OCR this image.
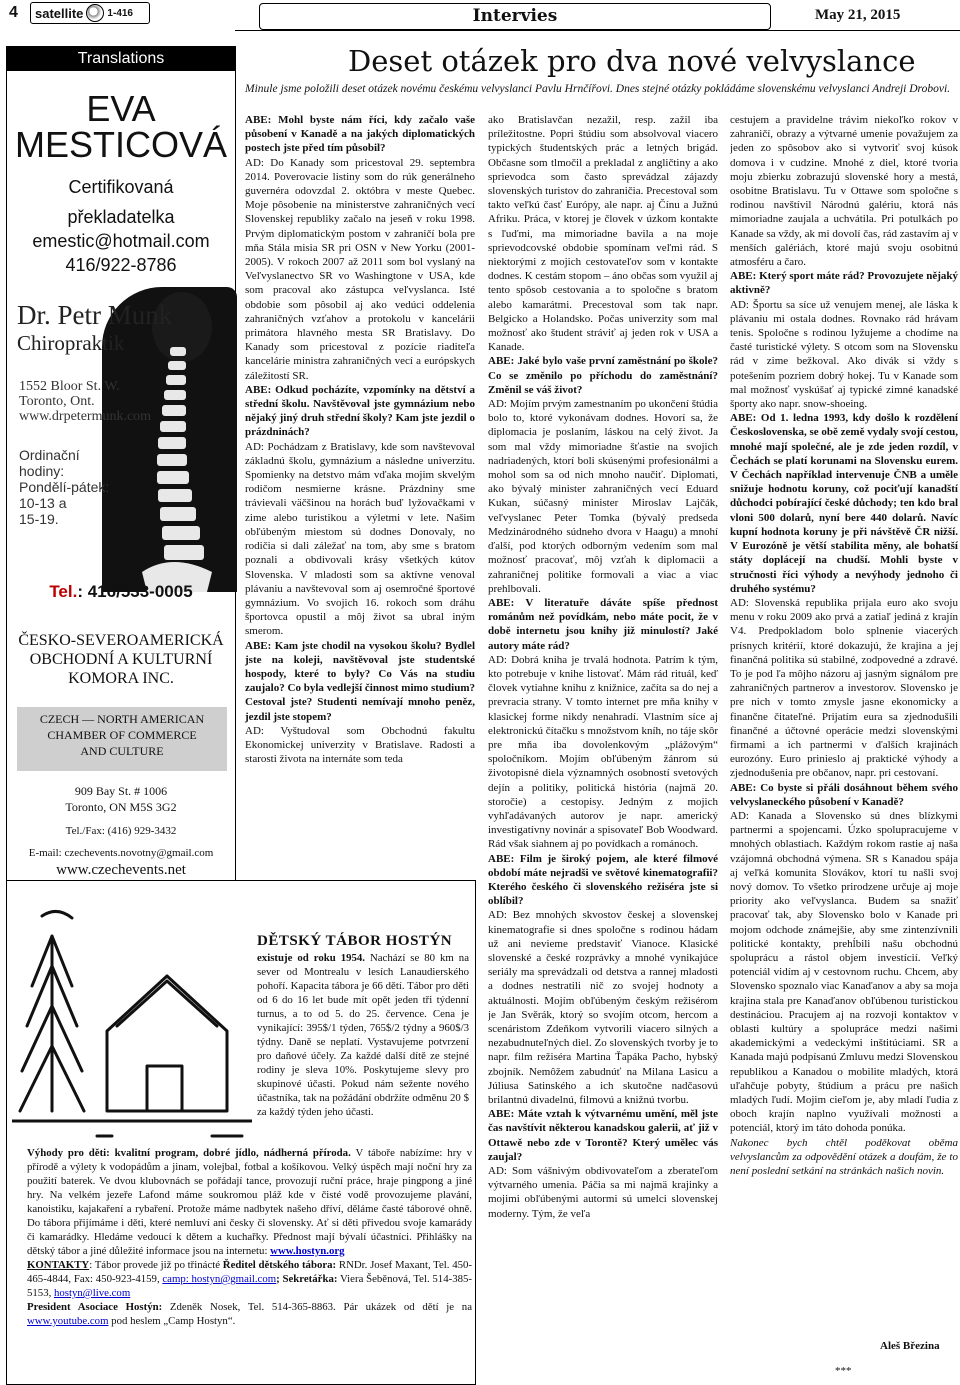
4 satellite 1-416	Intervies	May 21, 2015
Translations
EVA
MESTICOVÁ
Certifikovaná
překladatelka
emestic@hotmail.com
416/922-8786
Dr. Petr Munk
Chiropraktik
1552 Bloor St. W.
Toronto, Ont.
www.drpetermunk.com
Ordinační
hodiny:
Pondělí-pátek:
10-13 a
15-19.
Tel.: 416/533-0005
ČESKO-SEVEROAMERICKÁ
OBCHODNÍ A KULTURNÍ
KOMORA INC.
CZECH — NORTH AMERICAN
CHAMBER OF COMMERCE
AND CULTURE
909 Bay St. # 1006
Toronto, ON M5S 3G2
Tel./Fax: (416) 929-3432
E-mail: czechevents.novotny@gmail.com
www.czechevents.net
Deset otázek pro dva nové velvyslance
Minule jsme položili deset otázek novému českému velvyslanci Pavlu Hrnčířovi. Dnes stejné otázky pokládáme slovenskému velvyslanci Andreji Drobovi.

ABE: Mohl byste nám říci, kdy začalo vaše působení v Kanadě a na jakých diplomatických postech jste před tím působil?

AD: Do Kanady som pricestoval 29. septembra 2014. Poverovacie listiny som do rúk generálneho guvernéra odovzdal 2. októbra v meste Quebec. Moje pôsobenie na ministerstve zahraničných vecí Slovenskej republiky začalo na jeseň v roku 1998. Prvým diplomatickým postom v zahraničí bola pre mňa Stála misia SR pri OSN v New Yorku (2001-2005). V rokoch 2007 až 2011 som bol vyslaný na Veľvyslanectvo SR vo Washingtone v USA, kde som pracoval ako zástupca veľvyslanca. Isté obdobie som pôsobil aj ako vedúci oddelenia zahraničných vzťahov a protokolu v kancelárii primátora hlavného mesta SR Bratislavy. Do Kanady som pricestoval z pozície riaditeľa kancelárie ministra zahraničných vecí a európskych záležitostí SR.

ABE: Odkud pocházíte, vzpomínky na dětství a střední školu. Navštěvoval jste gymnázium nebo nějaký jiný druh střední školy? Kam jste jezdil o prázdninách?

AD: Pochádzam z Bratislavy, kde som navštevoval základnú školu, gymnázium a následne univerzitu. Spomienky na detstvo mám vďaka mojim skvelým rodičom nesmierne krásne. Prázdniny sme trávievali väčšinou na horách buď lyžovačkami v zime alebo turistikou a výletmi v lete. Našim obľúbeným miestom sú dodnes Donovaly, no rodičia si dali záležať na tom, aby sme s bratom poznali a obdivovali krásy všetkých kútov Slovenska. V mladosti som sa aktívne venoval plávaniu a navštevoval som aj osemročné športové gymnázium. Vo svojich 16. rokoch som dráhu športovca opustil a môj život sa ubral iným smerom.

ABE: Kam jste chodil na vysokou školu? Bydlel jste na koleji, navštěvoval jste studentské hospody, které to byly? Co Vás na studiu zaujalo? Co byla vedlejší činnost mimo studium? Cestoval jste? Studenti nemívají mnoho peněz, jezdil jste stopem?

AD: Vyštudoval som Obchodnú fakultu Ekonomickej univerzity v Bratislave. Radosti a starosti života na internáte som teda

ako Bratislavčan nezažil, resp. zažil iba príležitostne. Popri štúdiu som absolvoval viacero typických študentských prác a letných brigád. Občasne som tlmočil a prekladal z angličtiny a ako sprievodca som často sprevádzal zájazdy slovenských turistov do zahraničia. Precestoval som takto veľkú časť Európy, ale napr. aj Čínu a Južnú Afriku. Práca, v ktorej je človek v úzkom kontakte s ľuďmi, ma mimoriadne bavila a na moje sprievodcovské obdobie spomínam veľmi rád. S niektorými z mojich cestovateľov som v kontakte dodnes. K cestám stopom – áno občas som využil aj tento spôsob cestovania a to spoločne s bratom alebo kamarátmi. Precestoval som tak napr. Belgicko a Holandsko. Počas univerzity som mal možnosť ako študent stráviť aj jeden rok v USA a Kanade.

ABE: Jaké bylo vaše první zaměstnání po škole? Co se změnilo po příchodu do zaměstnání? Změnil se váš život?

AD: Mojím prvým zamestnaním po ukončení štúdia bolo to, ktoré vykonávam dodnes. Hovorí sa, že diplomacia je poslaním, láskou na celý život. Ja som mal vždy mimoriadne šťastie na svojich nadriadených, ktorí boli skúsenými profesionálmi a mohol som sa od nich mnoho naučiť. Diplomati, ako bývalý minister zahraničných vecí Eduard Kukan, súčasný minister Miroslav Lajčák, veľvyslanec Peter Tomka (bývalý predseda Medzinárodného súdneho dvora v Haagu) a mnohí ďalší, pod ktorých odborným vedením som mal možnosť pracovať, môj vzťah k diplomacii a zahraničnej politike formovali a viac a viac prehlbovali.

ABE: V literatuře dáváte spíše přednost románům než povídkám, nebo máte pocit, že v době internetu jsou knihy již minulostí? Jaké autory máte rád?

AD: Dobrá kniha je trvalá hodnota. Patrím k tým, kto potrebuje v knihe listovať. Mám rád rituál, keď človek vytiahne knihu z knižnice, začíta sa do nej a prevracia strany. V tomto internet pre mňa knihy v klasickej forme nikdy nenahradí. Vlastním síce aj elektronickú čítačku s množstvom kníh, no táje skôr pre mňa iba dovolenkovým „plážovým“ spoločníkom. Mojím obľúbeným žánrom sú životopisné diela významných osobností svetových dejín a politiky, politická história (najmä 20. storočie) a cestopisy. Jedným z mojich vyhľadávaných autorov je napr. americký investigatívny novinár a spisovateľ Bob Woodward. Rád však siahnem aj po povídkach a románoch.

ABE: Film je široký pojem, ale které filmové období máte nejradši ve světové kinematografii? Kterého českého či slovenského režiséra jste si oblíbil?

AD: Bez mnohých skvostov českej a slovenskej kinematografie si dnes spoločne s rodinou hádam už ani nevieme predstaviť Vianoce. Klasické slovenské a české rozprávky a mnohé vynikajúce seriály ma sprevádzali od detstva a rannej mladosti a dodnes nestratili nič zo svojej hodnoty a aktuálnosti. Mojím obľúbeným českým režisérom je Jan Svěrák, ktorý so svojím otcom, hercom a scenáristom Zdeňkom vytvorili viacero silných a nezabudnuteľných diel. Zo slovenských tvorby je to napr. film režiséra Martina Ťapáka Pacho, hybský zbojník. Nemôžem zabudnúť na Milana Lasicu a Júliusa Satinského a ich skutočne nadčasovú brilantnú divadelnú, filmovú a knižnú tvorbu.

ABE: Máte vztah k výtvarnému umění, měl jste čas navštívit některou kanadskou galerii, ať již v Ottawě nebo zde v Torontě? Který umělec vás zaujal?

AD: Som vášnivým obdivovateľom a zberateľom výtvarného umenia. Páčia sa mi najmä krajinky a mojimi obľúbenými autormi sú umelci slovenskej moderny. Tým, že veľa

cestujem a pravidelne trávim niekoľko rokov v zahraničí, obrazy a výtvarné umenie považujem za jeden zo spôsobov ako si vytvoriť svoj kúsok domova i v cudzine. Mnohé z diel, ktoré tvoria moju zbierku zobrazujú slovenské hory a mestá, osobitne Bratislavu. Tu v Ottawe som spoločne s rodinou navštívil Národnú galériu, ktorá nás mimoriadne zaujala a uchvátila. Pri potulkách po Kanade sa vždy, ak mi dovolí čas, rád zastavím aj v menších galériách, ktoré majú svoju osobitnú atmosféru a čaro.

ABE: Který sport máte rád? Provozujete nějaký aktivně?

AD: Športu sa síce už venujem menej, ale láska k plávaniu mi ostala dodnes. Rovnako rád hrávam tenis. Spoločne s rodinou lyžujeme a chodíme na časté turistické výlety. S otcom som na Slovensku rád v zime bežkoval. Ako divák si vždy s potešením pozriem dobrý hokej. Tu v Kanade som mal možnosť vyskúšať aj typické zimné kanadské športy ako napr. snow-shoeing.

ABE: Od 1. ledna 1993, kdy došlo k rozdělení Československa, se obě země vydaly svojí cestou, mnohé mají společné, ale je zde jeden rozdíl, v Čechách se platí korunami na Slovensku eurem. V Čechách například intervenuje ČNB a uměle snižuje hodnotu koruny, což pociťují kanadští důchodci pobírající české důchody; ten kdo bral vloni 500 dolarů, nyní bere 440 dolarů. Navíc kupní hodnota koruny je při návštěvě ČR nižší. V Eurozóně je větší stabilita měny, ale bohatší státy doplácejí na chudší. Mohli byste v stručnosti říci výhody a nevýhody jednoho či druhého systému?

AD: Slovenská republika prijala euro ako svoju menu v roku 2009 ako prvá a zatiaľ jediná z krajín V4. Predpokladom bolo splnenie viacerých prísnych kritérií, ktoré dokazujú, že krajina a jej finančná politika sú stabilné, zodpovedné a zdravé. To je pod ľa môjho názoru aj jasným signálom pre zahraničných partnerov a investorov. Slovensko je pre nich v tomto zmysle jasne ekonomicky a finančne čitateľné. Prijatím eura sa zjednodušili finančné a účtovné operácie medzi slovenskými firmami a ich partnermi v ďalších krajinách eurozóny. Euro prinieslo aj praktické výhody a zjednodušenia pre občanov, napr. pri cestovaní.

ABE: Co byste si přáli dosáhnout během svého velvyslaneckého působení v Kanadě?

AD: Kanada a Slovensko sú dnes blízkymi partnermi a spojencami. Úzko spolupracujeme v mnohých oblastiach. Každým rokom rastie aj naša vzájomná obchodná výmena. SR s Kanadou spája aj veľká komunita Slovákov, ktorí tu našli svoj nový domov. To všetko prirodzene určuje aj moje priority ako veľvyslanca. Budem sa snažiť pracovať tak, aby Slovensko bolo v Kanade pri mojom odchode známejšie, aby sme zintenzívnili politické kontakty, prehĺbili našu obchodnú spoluprácu a rástol objem investícií. Veľký potenciál vidím aj v cestovnom ruchu. Chcem, aby Slovensko spoznalo viac Kanaďanov a aby sa moja krajina stala pre Kanaďanov obľúbenou turistickou destináciou. Pracujem aj na rozvoji kontaktov v oblasti kultúry a spolupráce medzi našimi akademickými a vedeckými inštitúciami. SR a Kanada majú podpísanú Zmluvu medzi Slovenskou republikou a Kanadou o mobilite mladých, ktorá uľahčuje pobyty, štúdium a prácu pre našich mladých ľudí. Mojim cieľom je, aby mladí ľudia z oboch krajín naplno využívali možnosti a potenciál, ktorý im táto dohoda ponúka.

Nakonec bych chtěl poděkovat oběma velvyslancům za odpovědění otázek a doufám, že to není poslední setkání na stránkách našich novin.

Aleš Březina
***
DĚTSKÝ TÁBOR HOSTÝN
existuje od roku 1954. Nachází se 80 km na sever od Montrealu v lesích Lanaudierského pohoří. Kapacita tábora je 66 dětí. Tábor pro děti od 6 do 16 let bude mít opět jeden tři týdenní turnus, a to od 5. do 25. července. Cena je vynikající: 395$/1 týden, 765$/2 týdny a 960$/3 týdny. Daně se neplatí. Vystavujeme potvrzení pro daňové účely. Za každé další dítě ze stejné rodiny je sleva 10%. Poskytujeme slevy pro skupinové účasti. Pokud nám sežente nového účastníka, tak na požádání obdržíte odměnu 20 $ za každý týden jeho účasti.
Výhody pro děti: kvalitní program, dobré jídlo, nádherná příroda. V táboře nabízíme: hry v přírodě a výlety k vodopádům a jinam, volejbal, fotbal a košíkovou. Velký úspěch mají noční hry za použití baterek. Ve dvou klubovnách se pořádají tance, provozují ruční práce, hraje pingpong a jiné hry. Na velkém jezeře Lafond máme soukromou pláž kde v čisté vodě provozujeme plavání, kanoistiku, kajakaření a rybaření. Protože máme nadbytek našeho dříví, děláme časté táborové ohně. Do tábora přijímáme i děti, které nemluví ani česky či slovensky. Ať si děti přivedou svoje kamarády či kamarádky. Hledáme vedoucí k dětem a kuchařky. Přednost mají bývalí účastníci. Přihlášky na dětský tábor a jiné důležité informace jsou na internetu: www.hostyn.org
KONTAKTY: Tábor provede již po třinácté Ředitel dětského tábora: RNDr. Josef Maxant, Tel. 450-465-4844, Fax: 450-923-4159, camp: hostyn@gmail.com; Sekretářka: Viera Šeběnová, Tel. 514-385-5153, hostyn@live.com
President Asociace Hostýn: Zdeněk Nosek, Tel. 514-365-8863. Pár ukázek od dětí je na www.youtube.com pod heslem „Camp Hostyn“.
